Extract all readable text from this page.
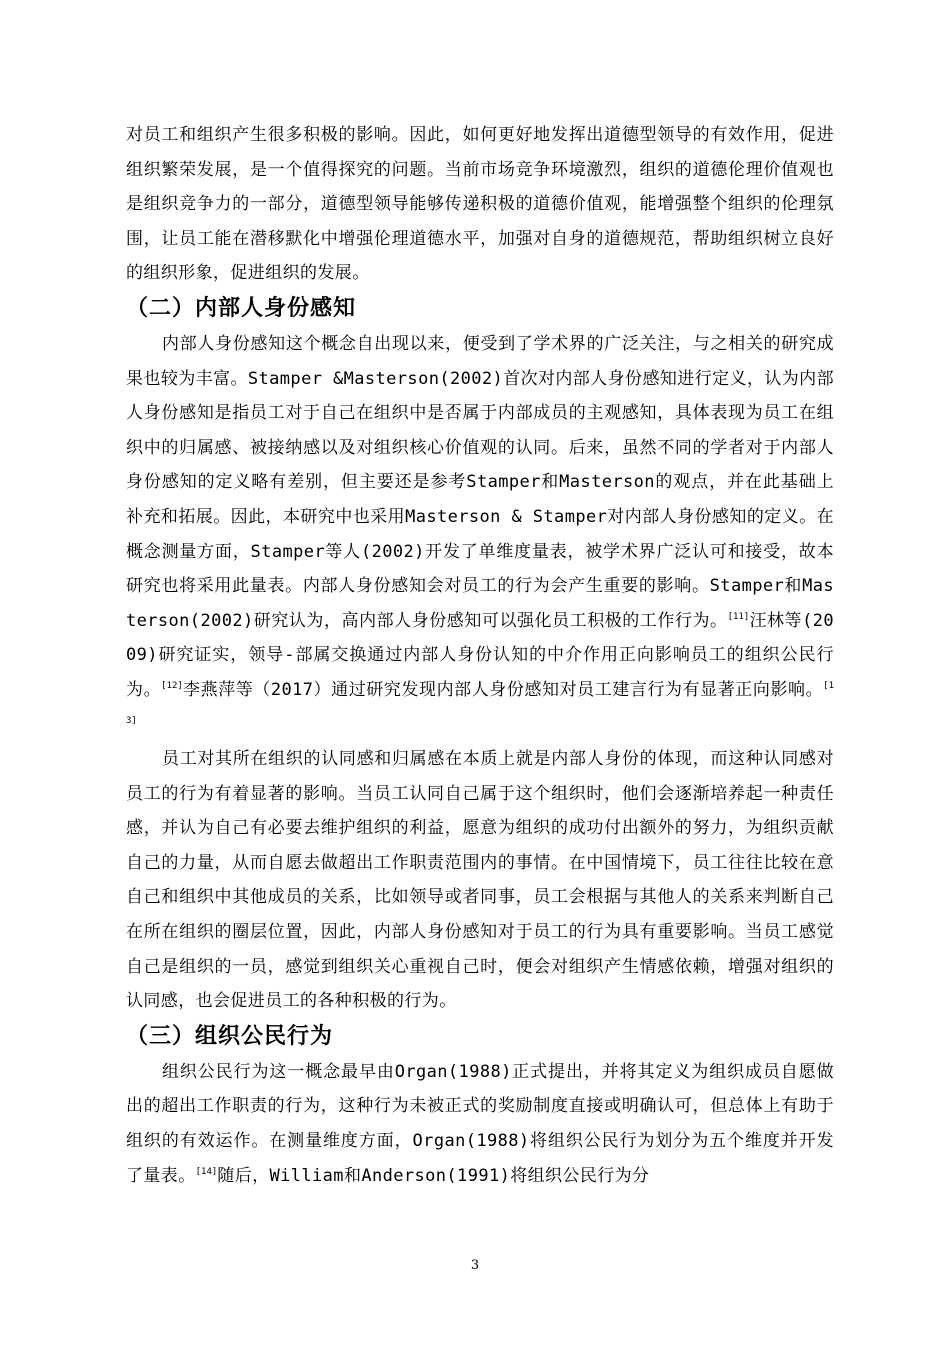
对员工和组织产生很多积极的影响。因此，如何更好地发挥出道德型领导的有效作用，促进组织繁荣发展，是一个值得探究的问题。当前市场竞争环境激烈，组织的道德伦理价值观也是组织竞争力的一部分，道德型领导能够传递积极的道德价值观，能增强整个组织的伦理氛围，让员工能在潜移默化中增强伦理道德水平，加强对自身的道德规范，帮助组织树立良好的组织形象，促进组织的发展。

（二）内部人身份感知

内部人身份感知这个概念自出现以来，便受到了学术界的广泛关注，与之相关的研究成果也较为丰富。Stamper &Masterson(2002)首次对内部人身份感知进行定义，认为内部人身份感知是指员工对于自己在组织中是否属于内部成员的主观感知，具体表现为员工在组织中的归属感、被接纳感以及对组织核心价值观的认同。后来，虽然不同的学者对于内部人身份感知的定义略有差别，但主要还是参考Stamper和Masterson的观点，并在此基础上补充和拓展。因此，本研究中也采用Masterson & Stamper对内部人身份感知的定义。在概念测量方面，Stamper等人(2002)开发了单维度量表，被学术界广泛认可和接受，故本研究也将采用此量表。内部人身份感知会对员工的行为会产生重要的影响。Stamper和Masterson(2002)研究认为，高内部人身份感知可以强化员工积极的工作行为。[11]汪林等(2009)研究证实，领导-部属交换通过内部人身份认知的中介作用正向影响员工的组织公民行为。[12]李燕萍等（2017）通过研究发现内部人身份感知对员工建言行为有显著正向影响。[13]

员工对其所在组织的认同感和归属感在本质上就是内部人身份的体现，而这种认同感对员工的行为有着显著的影响。当员工认同自己属于这个组织时，他们会逐渐培养起一种责任感，并认为自己有必要去维护组织的利益，愿意为组织的成功付出额外的努力，为组织贡献自己的力量，从而自愿去做超出工作职责范围内的事情。在中国情境下，员工往往比较在意自己和组织中其他成员的关系，比如领导或者同事，员工会根据与其他人的关系来判断自己在所在组织的圈层位置，因此，内部人身份感知对于员工的行为具有重要影响。当员工感觉自己是组织的一员，感觉到组织关心重视自己时，便会对组织产生情感依赖，增强对组织的认同感，也会促进员工的各种积极的行为。

（三）组织公民行为

组织公民行为这一概念最早由Organ(1988)正式提出，并将其定义为组织成员自愿做出的超出工作职责的行为，这种行为未被正式的奖励制度直接或明确认可，但总体上有助于组织的有效运作。在测量维度方面，Organ(1988)将组织公民行为划分为五个维度并开发了量表。[14]随后，William和Anderson(1991)将组织公民行为分

3
